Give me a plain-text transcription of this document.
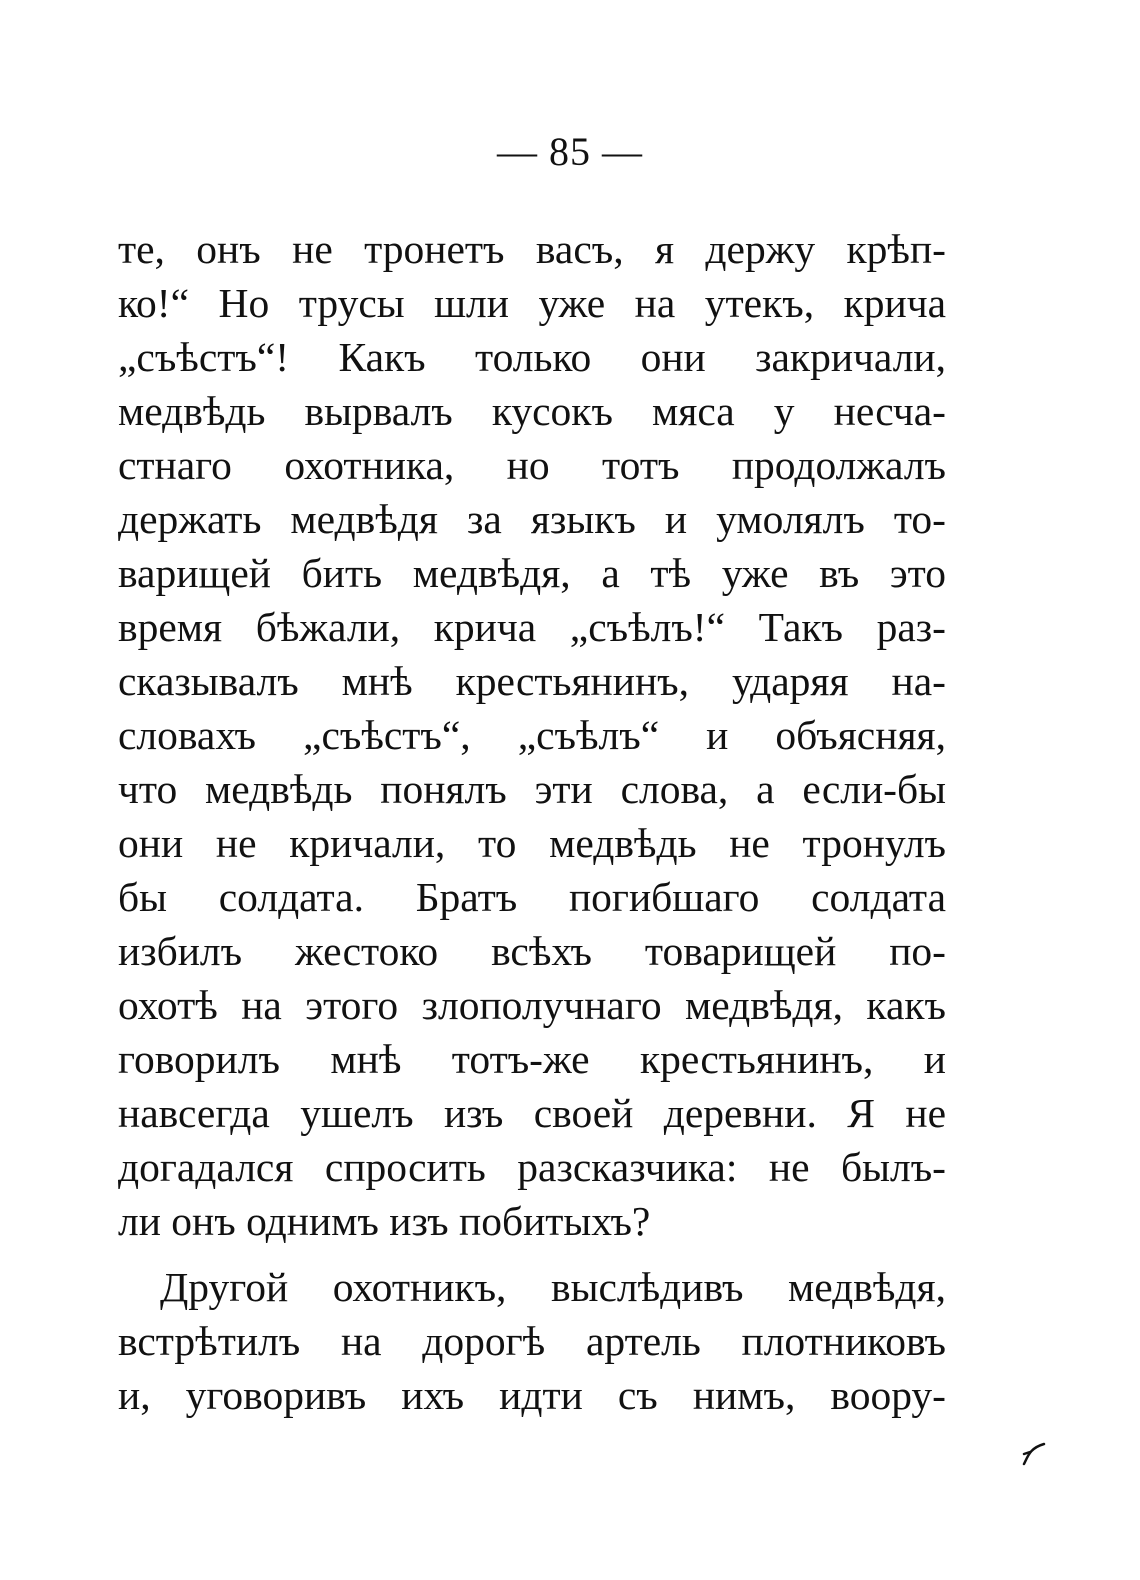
— 85 —
те, онъ не тронетъ васъ, я держу крѣп-
ко!“ Но трусы шли уже на утекъ, крича
„съѣстъ“! Какъ только они закричали,
медвѣдь вырвалъ кусокъ мяса у несча-
стнаго охотника, но тотъ продолжалъ
держать медвѣдя за языкъ и умолялъ то-
варищей бить медвѣдя, а тѣ уже въ это
время бѣжали, крича „съѣлъ!“ Такъ раз-
сказывалъ мнѣ крестьянинъ, ударяя на-
словахъ „съѣстъ“, „съѣлъ“ и объясняя,
что медвѣдь понялъ эти слова, а если-бы
они не кричали, то медвѣдь не тронулъ
бы солдата. Братъ погибшаго солдата
избилъ жестоко всѣхъ товарищей по-
охотѣ на этого злополучнаго медвѣдя, какъ
говорилъ мнѣ тотъ-же крестьянинъ, и
навсегда ушелъ изъ своей деревни. Я не
догадался спросить разсказчика: не былъ-
ли онъ однимъ изъ побитыхъ?
Другой охотникъ, выслѣдивъ медвѣдя,
встрѣтилъ на дорогѣ артель плотниковъ
и, уговоривъ ихъ идти съ нимъ, воору-
